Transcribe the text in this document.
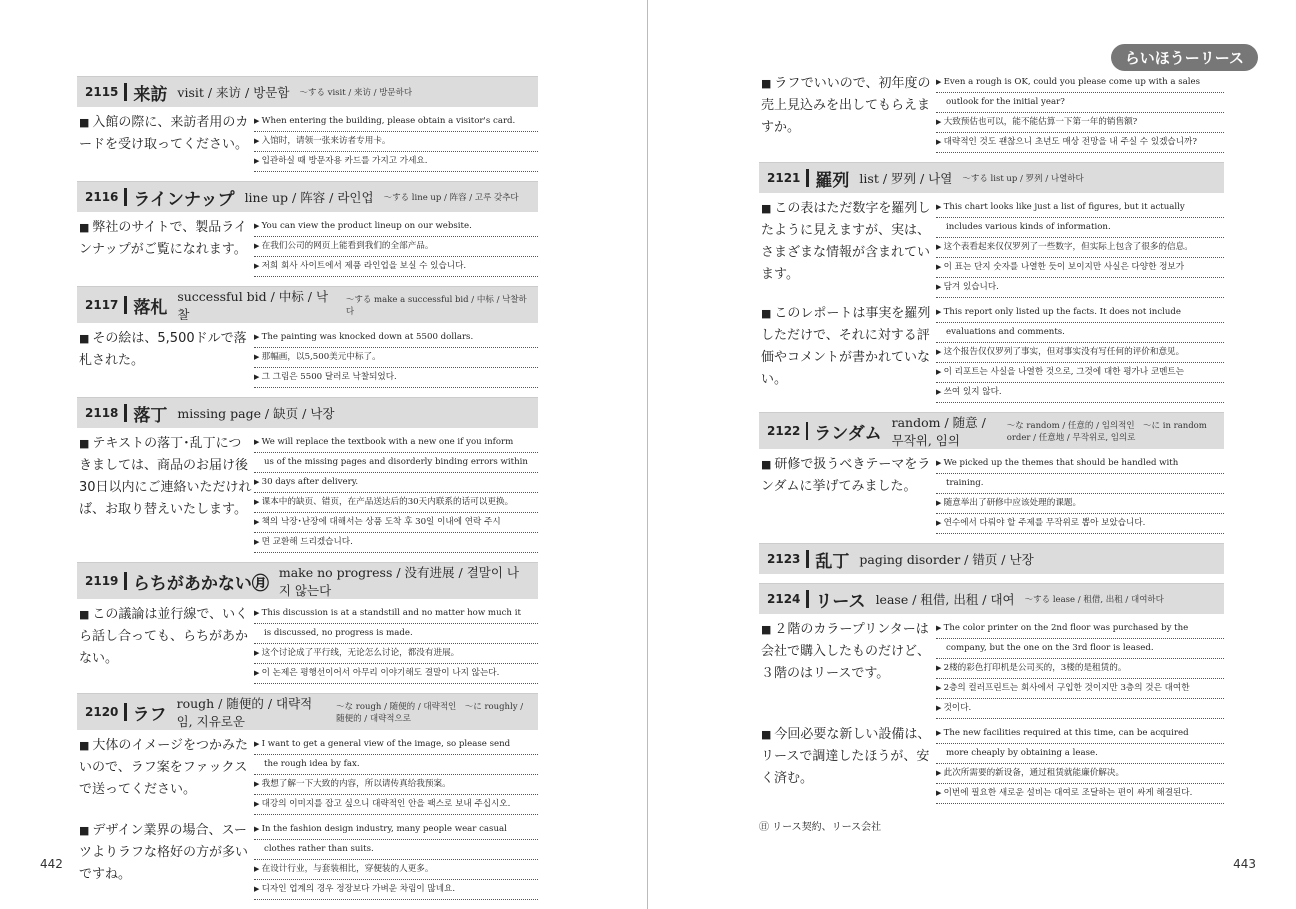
2115 来訪 visit / 来访 / 방문함 ～する visit / 来访 / 방문하다
■ 入館の際に、来訪者用のカードを受け取ってください。
▶ When entering the building, please obtain a visitor's card.
▶ 入馆时，请领一张来访者专用卡。
▶ 입관하실 때 방문자용 카드를 가지고 가세요.
2116 ラインナップ line up / 阵容 / 라인업 ～する line up / 阵容 / 고루 갖추다
■ 弊社のサイトで、製品ラインナップがご覧になれます。
▶ You can view the product lineup on our website.
▶ 在我们公司的网页上能看到我们的全部产品。
▶ 저희 회사 사이트에서 제품 라인업을 보실 수 있습니다.
2117 落札
successful bid / 中标 / 낙찰
～する make a successful bid / 中标 / 낙찰하다
■ その絵は、5,500ドルで落札された。
▶ The painting was knocked down at 5500 dollars.
▶ 那幅画，以5,500美元中标了。
▶ 그 그림은 5500 달러로 낙찰되었다.
2118 落丁 missing page / 缺页 / 낙장
■ テキストの落丁･乱丁につきましては、商品のお届け後30日以内にご連絡いただければ、お取り替えいたします。
▶ We will replace the textbook with a new one if you inform
us of the missing pages and disorderly binding errors within
▶ 30 days after delivery.
▶ 课本中的缺页、错页，在产品送达后的30天内联系的话可以更换。
▶ 책의 낙장･난장에 대해서는 상품 도착 후 30일 이내에 연락 주시
▶ 면 교환해 드리겠습니다.
2119 らちがあかない㊊
make no progress / 没有进展 / 결말이 나지 않는다
■ この議論は並行線で、いくら話し合っても、らちがあかない。
▶ This discussion is at a standstill and no matter how much it
is discussed, no progress is made.
▶ 这个讨论成了平行线，无论怎么讨论，都没有进展。
▶ 이 논제은 평행선이어서 아무리 이야기해도 결말이 나지 않는다.
2120 ラフ
rough / 随便的 / 대략적임, 지유로운
～な rough / 随便的 / 대략적인　～に roughly / 随便的 / 대략적으로
■ 大体のイメージをつかみたいので、ラフ案をファックスで送ってください。
▶ I want to get a general view of the image, so please send
the rough idea by fax.
▶ 我想了解一下大致的内容，所以请传真给我预案。
▶ 대강의 이미지를 잡고 싶으니 대략적인 안을 팩스로 보내 주십시오.
■ デザイン業界の場合、スーツよりラフな格好の方が多いですね。
▶ In the fashion design industry, many people wear casual
clothes rather than suits.
▶ 在设计行业，与套装相比，穿便装的人更多。
▶ 디자인 업계의 경우 정장보다 가벼운 차림이 많네요.
442
らいほうーリース
■ ラフでいいので、初年度の売上見込みを出してもらえますか。
▶ Even a rough is OK, could you please come up with a sales
outlook for the initial year?
▶ 大致预估也可以，能不能估算一下第一年的销售额?
▶ 대략적인 것도 괜찮으니 초년도 매상 전망을 내 주실 수 있겠습니까?
2121 羅列 list / 罗列 / 나열 ～する list up / 罗列 / 나열하다
■ この表はただ数字を羅列したように見えますが、実は、さまざまな情報が含まれています。
▶ This chart looks like just a list of figures, but it actually
includes various kinds of information.
▶ 这个表看起来仅仅罗列了一些数字，但实际上包含了很多的信息。
▶ 이 표는 단지 숫자를 나열한 듯이 보이지만 사실은 다양한 정보가
▶ 담겨 있습니다.
■ このレポートは事実を羅列しただけで、それに対する評価やコメントが書かれていない。
▶ This report only listed up the facts. It does not include
evaluations and comments.
▶ 这个报告仅仅罗列了事实，但对事实没有写任何的评价和意见。
▶ 이 리포트는 사실을 나열한 것으로, 그것에 대한 평가나 코멘트는
▶ 쓰여 있지 않다.
2122 ランダム
random / 随意 / 무작위, 임의
～な random / 任意的 / 임의적인　～に in random order / 任意地 / 무작위로, 임의로
■ 研修で扱うべきテーマをランダムに挙げてみました。
▶ We picked up the themes that should be handled with
training.
▶ 随意举出了研修中应该处理的课题。
▶ 연수에서 다뤄야 할 주제를 무작위로 뽑아 보았습니다.
2123 乱丁 paging disorder / 错页 / 난장
2124 リース lease / 租借, 出租 / 대여 ～する lease / 租借, 出租 / 대여하다
■ ２階のカラープリンターは会社で購入したものだけど、３階のはリースです。
▶ The color printer on the 2nd floor was purchased by the
company, but the one on the 3rd floor is leased.
▶ 2楼的彩色打印机是公司买的，3楼的是租赁的。
▶ 2층의 컬러프린트는 회사에서 구입한 것이지만 3층의 것은 대여한
▶ 것이다.
■ 今回必要な新しい設備は、リースで調達したほうが、安く済む。
▶ The new facilities required at this time, can be acquired
more cheaply by obtaining a lease.
▶ 此次所需要的新设备，通过租赁就能廉价解决。
▶ 이번에 필요한 새로운 설비는 대여로 조달하는 편이 싸게 해결된다.
㊐ リース契約、リース会社
443
